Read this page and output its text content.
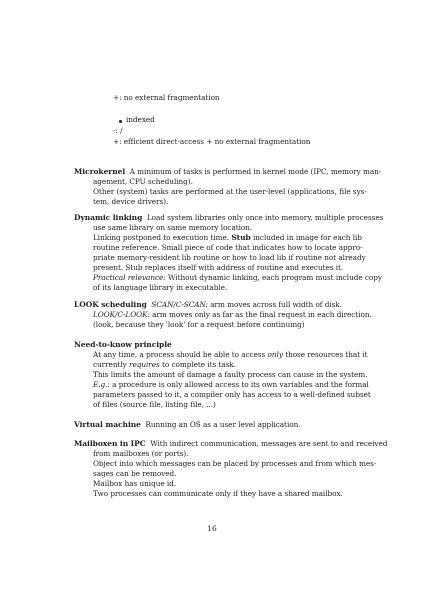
+: no external fragmentation
indexed
-: /
+: efficient direct-access + no external fragmentation
Microkernel A minimum of tasks is performed in kernel mode (IPC, memory man-
agement, CPU scheduling).
Other (system) tasks are performed at the user-level (applications, file sys-
tem, device drivers).
Dynamic linking Load system libraries only once into memory, multiple processes
use same library on same memory location.
Linking postponed to execution time. Stub included in image for each lib
routine reference. Small piece of code that indicates how to locate appro-
priate memory-resident lib routine or how to load lib if routine not already
present. Stub replaces itself with address of routine and executes it.
Practical relevance: Without dynamic linking, each program must include copy
of its language library in executable.
LOOK scheduling SCAN/C-SCAN: arm moves across full width of disk.
LOOK/C-LOOK: arm moves only as far as the final request in each direction.
(look, because they 'look' for a request before continuing)
Need-to-know principle
At any time, a process should be able to access only those resources that it
currently requires to complete its task.
This limits the amount of damage a faulty process can cause in the system.
E.g.: a procedure is only allowed access to its own variables and the formal
parameters passed to it, a compiler only has access to a well-defined subset
of files (source file, listing file, ...)
Virtual machine Running an OS as a user level application.
Mailboxen in IPC With indirect communication, messages are sent to and received
from mailboxes (or ports).
Object into which messages can be placed by processes and from which mes-
sages can be removed.
Mailbox has unique id.
Two processes can communicate only if they have a shared mailbox.
16
